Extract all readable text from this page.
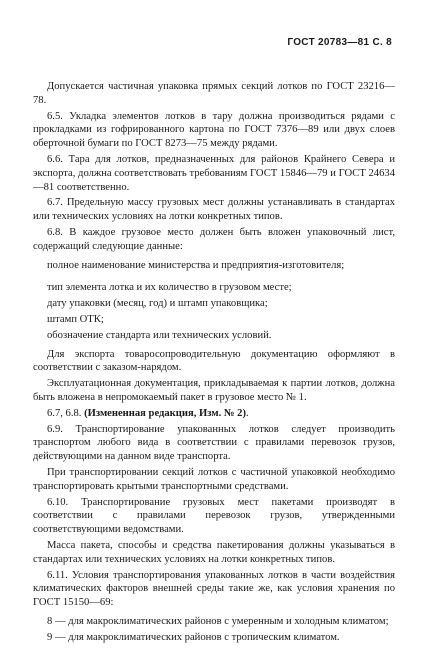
ГОСТ 20783—81 С. 8

Допускается частичная упаковка прямых секций лотков по ГОСТ 23216—78.

6.5. Укладка элементов лотков в тару должна производиться рядами с прокладками из гофрированного картона по ГОСТ 7376—89 или двух слоев оберточной бумаги по ГОСТ 8273—75 между рядами.

6.6. Тара для лотков, предназначенных для районов Крайнего Севера и экспорта, должна соответствовать требованиям ГОСТ 15846—79 и ГОСТ 24634—81 соответственно.

6.7. Предельную массу грузовых мест должны устанавливать в стандартах или технических условиях на лотки конкретных типов.

6.8. В каждое грузовое место должен быть вложен упаковочный лист, содержащий следующие данные:

полное наименование министерства и предприятия-изготовителя;

тип элемента лотка и их количество в грузовом месте;

дату упаковки (месяц, год) и штамп упаковщика;

штамп ОТК;

обозначение стандарта или технических условий.

Для экспорта товаросопроводительную документацию оформляют в соответствии с заказом-нарядом.

Эксплуатационная документация, прикладываемая к партии лотков, должна быть вложена в непромокаемый пакет в грузовое место № 1.

6.7, 6.8. (Измененная редакция, Изм. № 2).

6.9. Транспортирование упакованных лотков следует производить транспортом любого вида в соответствии с правилами перевозок грузов, действующими на данном виде транспорта.

При транспортировании секций лотков с частичной упаковкой необходимо транспортировать крытыми транспортными средствами.

6.10. Транспортирование грузовых мест пакетами производят в соответствии с правилами перевозок грузов, утвержденными соответствующими ведомствами.

Масса пакета, способы и средства пакетирования должны указываться в стандартах или технических условиях на лотки конкретных типов.

6.11. Условия транспортирования упакованных лотков в части воздействия климатических факторов внешней среды такие же, как условия хранения по ГОСТ 15150—69:

8 — для макроклиматических районов с умеренным и холодным климатом;

9 — для макроклиматических районов с тропическим климатом.
